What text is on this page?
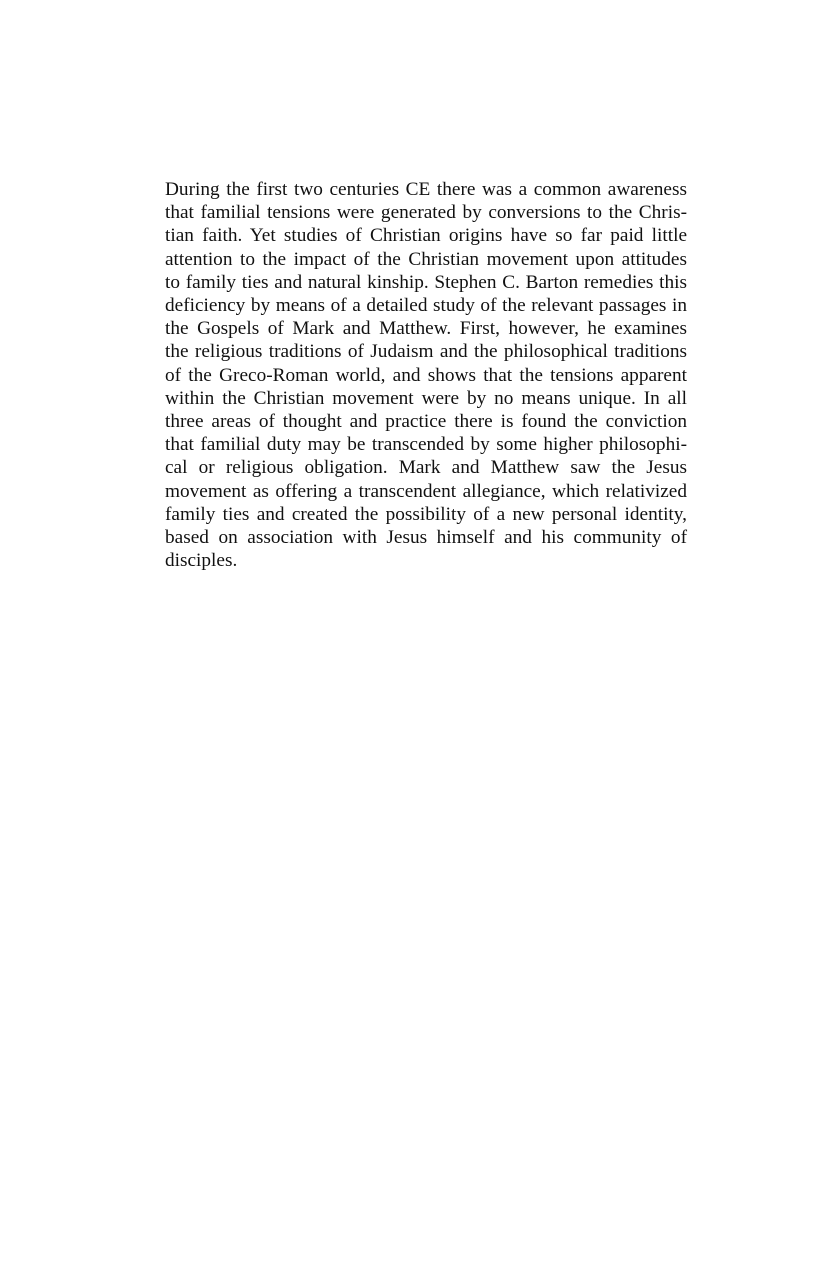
During the first two centuries CE there was a common awareness
that familial tensions were generated by conversions to the Chris-
tian faith. Yet studies of Christian origins have so far paid little
attention to the impact of the Christian movement upon attitudes
to family ties and natural kinship. Stephen C. Barton remedies this
deficiency by means of a detailed study of the relevant passages in
the Gospels of Mark and Matthew. First, however, he examines
the religious traditions of Judaism and the philosophical traditions
of the Greco-Roman world, and shows that the tensions apparent
within the Christian movement were by no means unique. In all
three areas of thought and practice there is found the conviction
that familial duty may be transcended by some higher philosophi-
cal or religious obligation. Mark and Matthew saw the Jesus
movement as offering a transcendent allegiance, which relativized
family ties and created the possibility of a new personal identity,
based on association with Jesus himself and his community of
disciples.
